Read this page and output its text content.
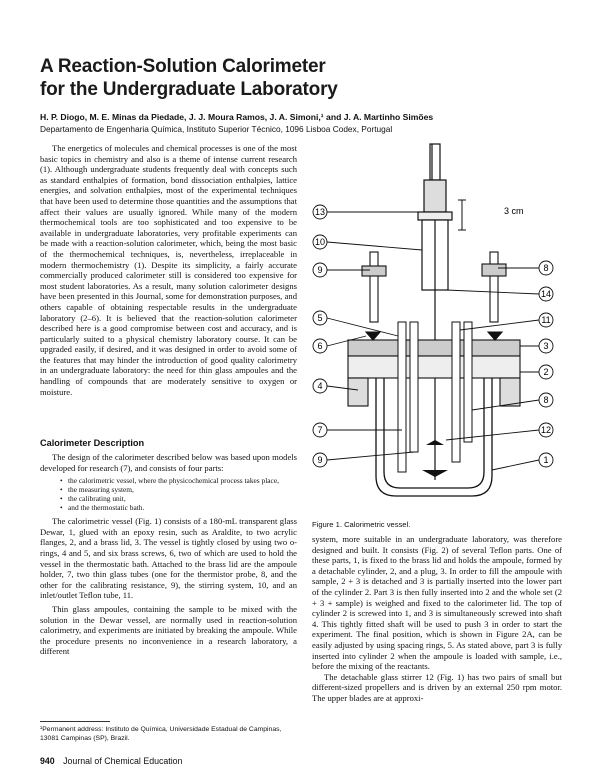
A Reaction-Solution Calorimeter
for the Undergraduate Laboratory
H. P. Diogo, M. E. Minas da Piedade, J. J. Moura Ramos, J. A. Simoni,¹ and J. A. Martinho Simões
Departamento de Engenharia Química, Instituto Superior Técnico, 1096 Lisboa Codex, Portugal

The energetics of molecules and chemical processes is one of the most basic topics in chemistry and also is a theme of intense current research (1). Although undergraduate students frequently deal with concepts such as standard enthalpies of formation, bond dissociation enthalpies, lattice energies, and solvation enthalpies, most of the experimental techniques that have been used to determine those quantities and the assumptions that affect their values are usually ignored. While many of the modern thermochemical tools are too sophisticated and too expensive to be available in undergraduate laboratories, very profitable experiments can be made with a reaction-solution calorimeter, which, being the most basic of the thermochemical techniques, is, nevertheless, irreplaceable in modern thermochemistry (1). Despite its simplicity, a fairly accurate commercially produced calorimeter still is considered too expensive for most student laboratories. As a result, many solution calorimeter designs have been presented in this Journal, some for demonstration purposes, and others capable of obtaining respectable results in the undergraduate laboratory (2–6). It is believed that the reaction-solution calorimeter described here is a good compromise between cost and accuracy, and is particularly suited to a physical chemistry laboratory course. It can be upgraded easily, if desired, and it was designed in order to avoid some of the features that may hinder the introduction of good quality calorimetry in an undergraduate laboratory: the need for thin glass ampoules and the handling of compounds that are moderately sensitive to oxygen or moisture.

Calorimeter Description

The design of the calorimeter described below was based upon models developed for research (7), and consists of four parts:

• the calorimetric vessel, where the physicochemical process takes place,
• the measuring system,
• the calibrating unit,
• and the thermostatic bath.

The calorimetric vessel (Fig. 1) consists of a 180-mL transparent glass Dewar, 1, glued with an epoxy resin, such as Araldite, to two acrylic flanges, 2, and a brass lid, 3. The vessel is tightly closed by using two o-rings, 4 and 5, and six brass screws, 6, two of which are used to hold the vessel in the thermostatic bath. Attached to the brass lid are the ampoule holder, 7, two thin glass tubes (one for the thermistor probe, 8, and the other for the calibrating resistance, 9), the stirring system, 10, and an inlet/outlet Teflon tube, 11.

Thin glass ampoules, containing the sample to be mixed with the solution in the Dewar vessel, are normally used in reaction-solution calorimetry, and experiments are initiated by breaking the ampoule. While the procedure presents no inconvenience in a research laboratory, a different

¹Permanent address: Instituto de Química, Universidade Estadual de Campinas, 13081 Campinas (SP), Brazil.
940 Journal of Chemical Education
3 cm
13
10
9
5
6
4
7
9
8
14
11
3
2
8
12
1
Figure 1. Calorimetric vessel.

system, more suitable in an undergraduate laboratory, was therefore designed and built. It consists (Fig. 2) of several Teflon parts. One of these parts, 1, is fixed to the brass lid and holds the ampoule, formed by a detachable cylinder, 2, and a plug, 3. In order to fill the ampoule with sample, 2 + 3 is detached and 3 is partially inserted into the lower part of the cylinder 2. Part 3 is then fully inserted into 2 and the whole set (2 + 3 + sample) is weighed and fixed to the calorimeter lid. The top of cylinder 2 is screwed into 1, and 3 is simultaneously screwed into shaft 4. This tightly fitted shaft will be used to push 3 in order to start the experiment. The final position, which is shown in Figure 2A, can be easily adjusted by using spacing rings, 5. As stated above, part 3 is fully inserted into cylinder 2 when the ampoule is loaded with sample, i.e., before the mixing of the reactants.

The detachable glass stirrer 12 (Fig. 1) has two pairs of small but different-sized propellers and is driven by an external 250 rpm motor. The upper blades are at approxi-
